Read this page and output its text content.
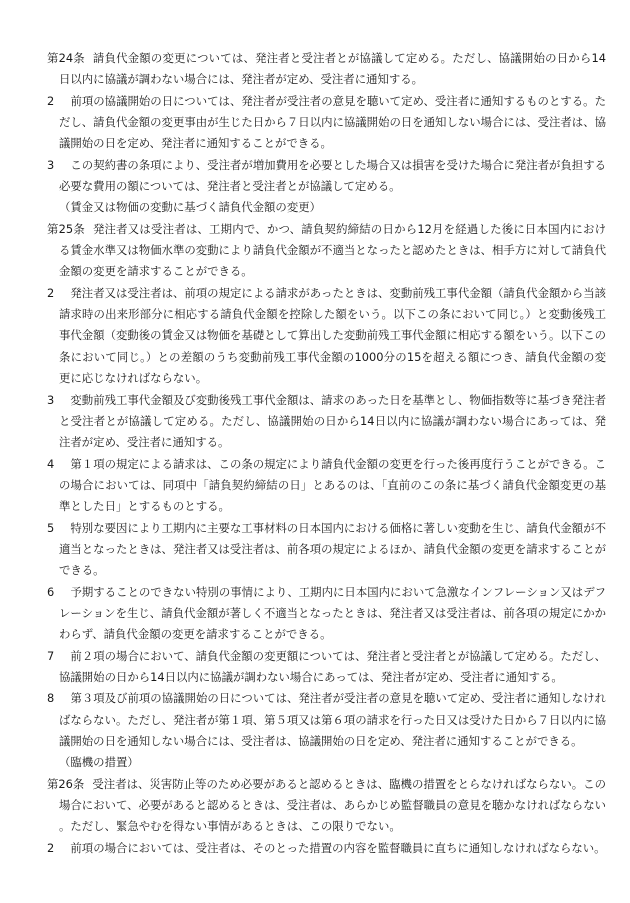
第24条 請負代金額の変更については、発注者と受注者とが協議して定める。ただし、協議開始の日から14日以内に協議が調わない場合には、発注者が定め、受注者に通知する。
2　 前項の協議開始の日については、発注者が受注者の意見を聴いて定め、受注者に通知するものとする。ただし、請負代金額の変更事由が生じた日から７日以内に協議開始の日を通知しない場合には、受注者は、協議開始の日を定め、発注者に通知することができる。
3　 この契約書の条項により、受注者が増加費用を必要とした場合又は損害を受けた場合に発注者が負担する必要な費用の額については、発注者と受注者とが協議して定める。
（賃金又は物価の変動に基づく請負代金額の変更）
第25条 発注者又は受注者は、工期内で、かつ、請負契約締結の日から12月を経過した後に日本国内における賃金水準又は物価水準の変動により請負代金額が不適当となったと認めたときは、相手方に対して請負代金額の変更を請求することができる。
2　 発注者又は受注者は、前項の規定による請求があったときは、変動前残工事代金額（請負代金額から当該請求時の出来形部分に相応する請負代金額を控除した額をいう。以下この条において同じ。）と変動後残工事代金額（変動後の賃金又は物価を基礎として算出した変動前残工事代金額に相応する額をいう。以下この条において同じ。）との差額のうち変動前残工事代金額の1000分の15を超える額につき、請負代金額の変更に応じなければならない。
3　 変動前残工事代金額及び変動後残工事代金額は、請求のあった日を基準とし、物価指数等に基づき発注者と受注者とが協議して定める。ただし、協議開始の日から14日以内に協議が調わない場合にあっては、発注者が定め、受注者に通知する。
4　 第１項の規定による請求は、この条の規定により請負代金額の変更を行った後再度行うことができる。この場合においては、同項中「請負契約締結の日」とあるのは、「直前のこの条に基づく請負代金額変更の基準とした日」とするものとする。
5　 特別な要因により工期内に主要な工事材料の日本国内における価格に著しい変動を生じ、請負代金額が不適当となったときは、発注者又は受注者は、前各項の規定によるほか、請負代金額の変更を請求することができる。
6　 予期することのできない特別の事情により、工期内に日本国内において急激なインフレーション又はデフレーションを生じ、請負代金額が著しく不適当となったときは、発注者又は受注者は、前各項の規定にかかわらず、請負代金額の変更を請求することができる。
7　 前２項の場合において、請負代金額の変更額については、発注者と受注者とが協議して定める。ただし、協議開始の日から14日以内に協議が調わない場合にあっては、発注者が定め、受注者に通知する。
8　 第３項及び前項の協議開始の日については、発注者が受注者の意見を聴いて定め、受注者に通知しなければならない。ただし、発注者が第１項、第５項又は第６項の請求を行った日又は受けた日から７日以内に協議開始の日を通知しない場合には、受注者は、協議開始の日を定め、発注者に通知することができる。
（臨機の措置）
第26条 受注者は、災害防止等のため必要があると認めるときは、臨機の措置をとらなければならない。この場合において、必要があると認めるときは、受注者は、あらかじめ監督職員の意見を聴かなければならない。ただし、緊急やむを得ない事情があるときは、この限りでない。
2　 前項の場合においては、受注者は、そのとった措置の内容を監督職員に直ちに通知しなければならない。
